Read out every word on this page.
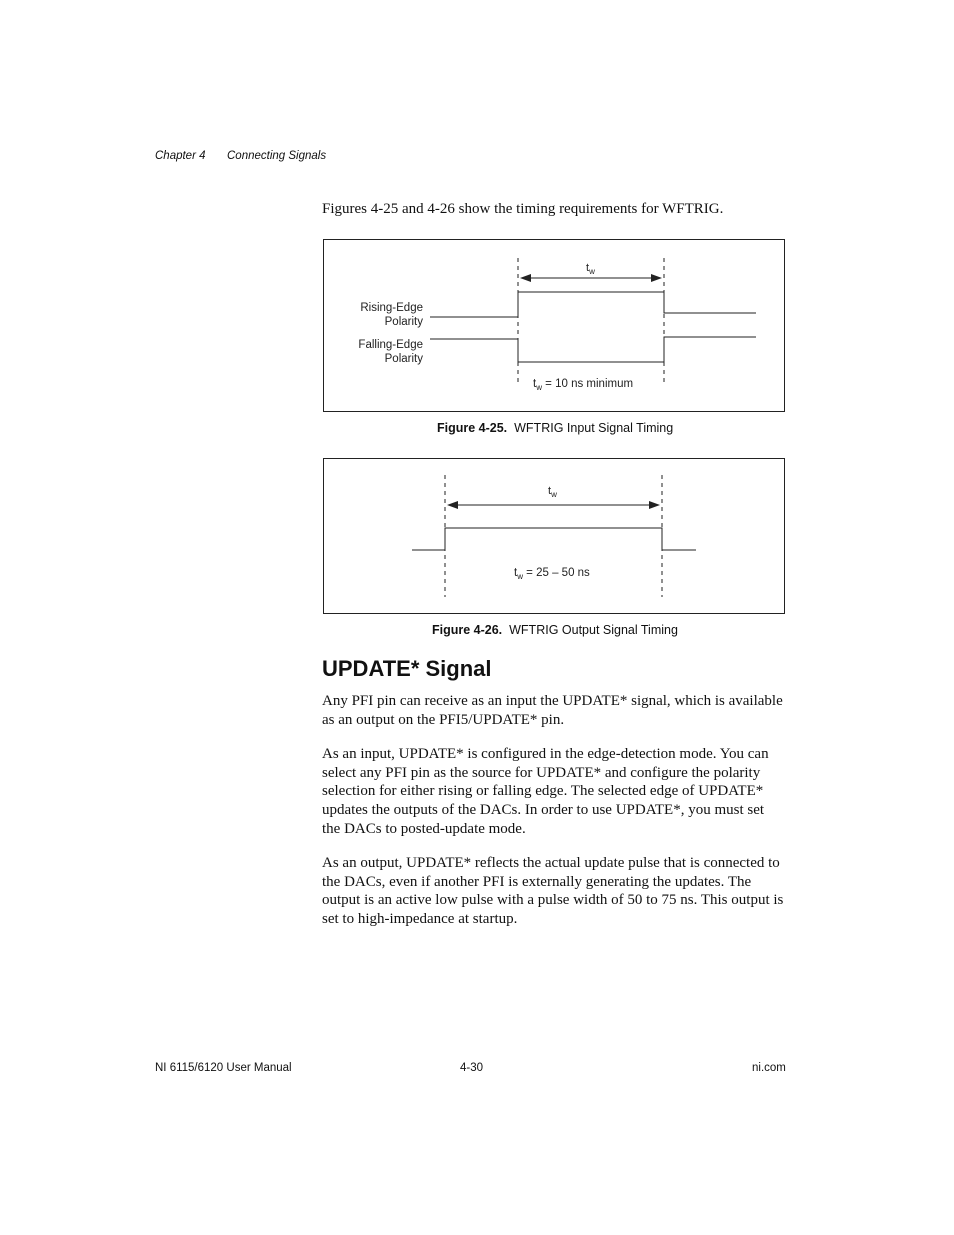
Chapter 4 Connecting Signals
Figures 4-25 and 4-26 show the timing requirements for WFTRIG.
$t_w$
Rising-Edge
Polarity
Falling-Edge
Polarity
$t_w = 10$ ns minimum
Figure 4-25. WFTRIG Input Signal Timing
$t_w$
$t_w = 25 - 50$ ns
Figure 4-26. WFTRIG Output Signal Timing
UPDATE* Signal

Any PFI pin can receive as an input the UPDATE* signal, which is available as an output on the PFI5/UPDATE* pin.

As an input, UPDATE* is configured in the edge-detection mode. You can select any PFI pin as the source for UPDATE* and configure the polarity selection for either rising or falling edge. The selected edge of UPDATE* updates the outputs of the DACs. In order to use UPDATE*, you must set the DACs to posted-update mode.

As an output, UPDATE* reflects the actual update pulse that is connected to the DACs, even if another PFI is externally generating the updates. The output is an active low pulse with a pulse width of 50 to 75 ns. This output is set to high-impedance at startup.

NI 6115/6120 User Manual	4-30	ni.com
